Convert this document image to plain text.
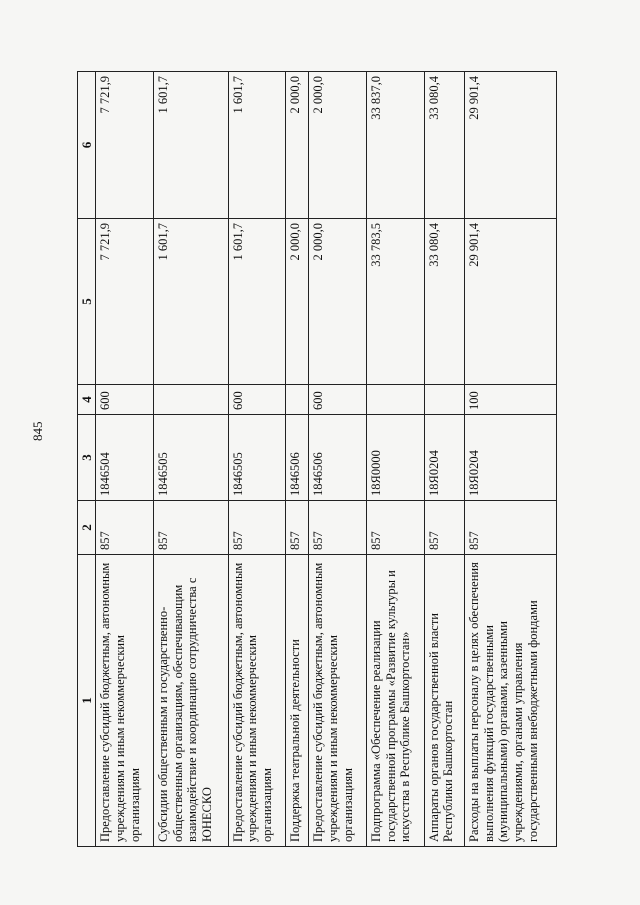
845
1	2	3	4	5	6
Предоставление субсидий бюджетным, автономным учреждениям и иным некоммерческим организациям	857	1846504	600	7 721,9	7 721,9
Субсидии общественным и государственно-общественным организациям, обеспечивающим взаимодействие и координацию сотрудничества с ЮНЕСКО	857	1846505		1 601,7	1 601,7
Предоставление субсидий бюджетным, автономным учреждениям и иным некоммерческим организациям	857	1846505	600	1 601,7	1 601,7
Поддержка театральной деятельности	857	1846506		2 000,0	2 000,0
Предоставление субсидий бюджетным, автономным учреждениям и иным некоммерческим организациям	857	1846506	600	2 000,0	2 000,0
Подпрограмма «Обеспечение реализации государственной программы «Развитие культуры и искусства в Республике Башкортостан»	857	18Я0000		33 783,5	33 837,0
Аппараты органов государственной власти Республики Башкортостан	857	18Я0204		33 080,4	33 080,4
Расходы на выплаты персоналу в целях обеспечения выполнения функций государственными (муниципальными) органами, казенными учреждениями, органами управления государственными внебюджетными фондами	857	18Я0204	100	29 901,4	29 901,4
